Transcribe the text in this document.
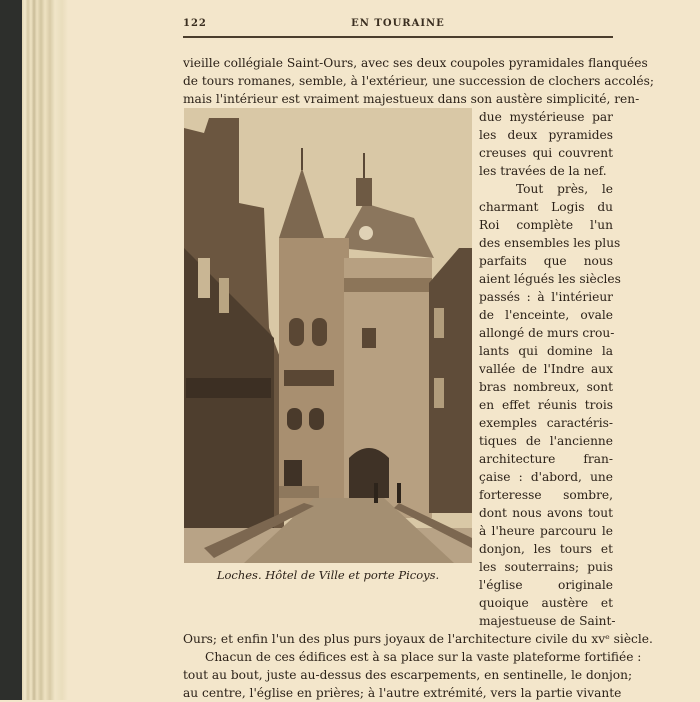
122	EN TOURAINE
vieille collégiale Saint-Ours, avec ses deux coupoles pyramidales flanquées
de tours romanes, semble, à l'extérieur, une succession de clochers accolés;
mais l'intérieur est vraiment majestueux dans son austère simplicité, ren-
due mystérieuse par
les deux pyramides
creuses qui couvrent
les travées de la nef.
Tout près, le
charmant Logis du
Roi complète l'un
des ensembles les plus
parfaits que nous
aient légués les siècles
passés : à l'intérieur
de l'enceinte, ovale
allongé de murs crou-
lants qui domine la
vallée de l'Indre aux
bras nombreux, sont
en effet réunis trois
exemples caractéris-
tiques de l'ancienne
architecture fran-
çaise : d'abord, une
forteresse sombre,
dont nous avons tout
à l'heure parcouru le
donjon, les tours et
les souterrains; puis
l'église originale
quoique austère et
majestueuse de Saint-
Ours; et enfin l'un des plus purs joyaux de l'architecture civile du xvᵉ siècle.
Chacun de ces édifices est à sa place sur la vaste plateforme fortifiée :
tout au bout, juste au-dessus des escarpements, en sentinelle, le donjon;
au centre, l'église en prières; à l'autre extrémité, vers la partie vivante
Loches. Hôtel de Ville et porte Picoys.
